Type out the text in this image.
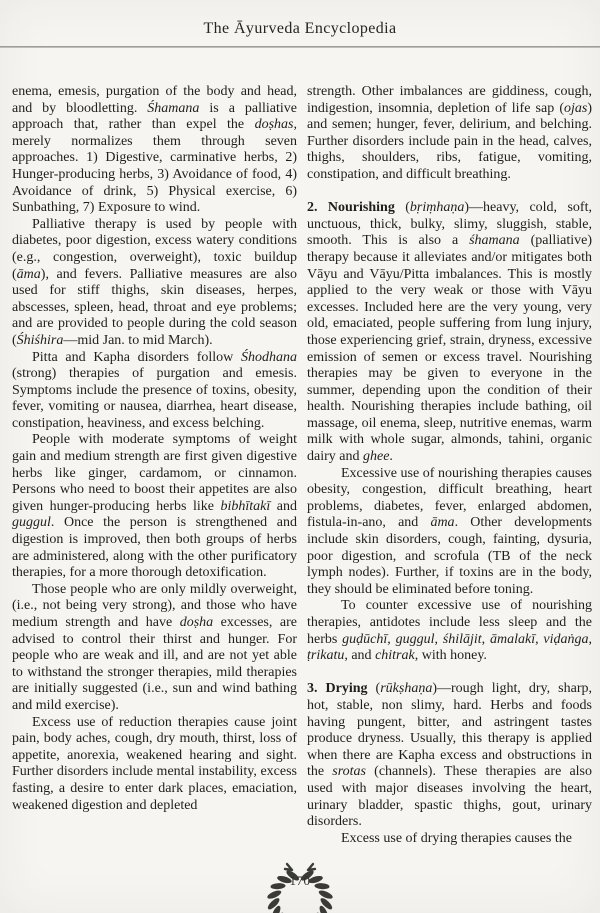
The Āyurveda Encyclopedia

enema, emesis, purgation of the body and head, and by bloodletting. Śhamana is a palliative approach that, rather than expel the doṣhas, merely normalizes them through seven approaches. 1) Digestive, carminative herbs, 2) Hunger-producing herbs, 3) Avoidance of food, 4) Avoidance of drink, 5) Physical exercise, 6) Sunbathing, 7) Exposure to wind.

Palliative therapy is used by people with diabetes, poor digestion, excess watery conditions (e.g., congestion, overweight), toxic buildup (āma), and fevers. Palliative measures are also used for stiff thighs, skin diseases, herpes, abscesses, spleen, head, throat and eye problems; and are provided to people during the cold season (Śhiśhira—mid Jan. to mid March).

Pitta and Kapha disorders follow Śhodhana (strong) therapies of purgation and emesis. Symptoms include the presence of toxins, obesity, fever, vomiting or nausea, diarrhea, heart disease, constipation, heaviness, and excess belching.

People with moderate symptoms of weight gain and medium strength are first given digestive herbs like ginger, cardamom, or cinnamon. Persons who need to boost their appetites are also given hunger-producing herbs like bibhītakī and guggul. Once the person is strengthened and digestion is improved, then both groups of herbs are administered, along with the other purificatory therapies, for a more thorough detoxification.

Those people who are only mildly overweight, (i.e., not being very strong), and those who have medium strength and have doṣha excesses, are advised to control their thirst and hunger. For people who are weak and ill, and are not yet able to withstand the stronger therapies, mild therapies are initially suggested (i.e., sun and wind bathing and mild exercise).

Excess use of reduction therapies cause joint pain, body aches, cough, dry mouth, thirst, loss of appetite, anorexia, weakened hearing and sight. Further disorders include mental instability, excess fasting, a desire to enter dark places, emaciation, weakened digestion and depleted

strength. Other imbalances are giddiness, cough, indigestion, insomnia, depletion of life sap (ojas) and semen; hunger, fever, delirium, and belching. Further disorders include pain in the head, calves, thighs, shoulders, ribs, fatigue, vomiting, constipation, and difficult breathing.

2. Nourishing (bṛiṃhaṇa)—heavy, cold, soft, unctuous, thick, bulky, slimy, sluggish, stable, smooth. This is also a śhamana (palliative) therapy because it alleviates and/or mitigates both Vāyu and Vāyu/Pitta imbalances. This is mostly applied to the very weak or those with Vāyu excesses. Included here are the very young, very old, emaciated, people suffering from lung injury, those experiencing grief, strain, dryness, excessive emission of semen or excess travel. Nourishing therapies may be given to everyone in the summer, depending upon the condition of their health. Nourishing therapies include bathing, oil massage, oil enema, sleep, nutritive enemas, warm milk with whole sugar, almonds, tahini, organic dairy and ghee.

Excessive use of nourishing therapies causes obesity, congestion, difficult breathing, heart problems, diabetes, fever, enlarged abdomen, fistula-in-ano, and āma. Other developments include skin disorders, cough, fainting, dysuria, poor digestion, and scrofula (TB of the neck lymph nodes). Further, if toxins are in the body, they should be eliminated before toning.

To counter excessive use of nourishing therapies, antidotes include less sleep and the herbs guḍūchī, guggul, śhilājit, āmalakī, viḍaṅga, ṭrikatu, and chitrak, with honey.

3. Drying (rūkṣhaṇa)—rough light, dry, sharp, hot, stable, non slimy, hard. Herbs and foods having pungent, bitter, and astringent tastes produce dryness. Usually, this therapy is applied when there are Kapha excess and obstructions in the srotas (channels). These therapies are also used with major diseases involving the heart, urinary bladder, spastic thighs, gout, urinary disorders.

Excess use of drying therapies causes the

170
